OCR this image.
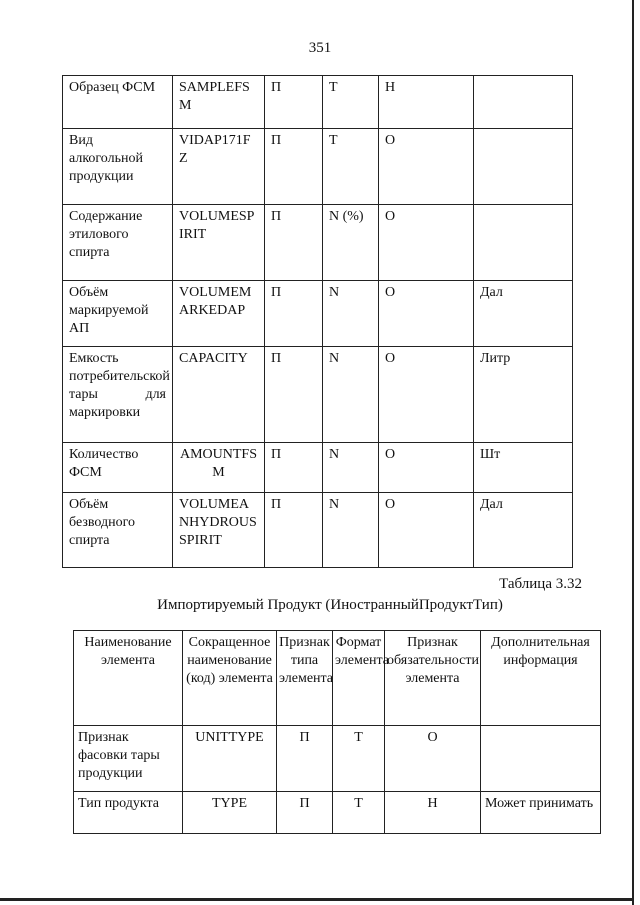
351
Образец ФСМ	SAMPLEFSM	П	Т	Н	
Вид алкогольной продукции	VIDAP171FZ	П	Т	О	
Содержание этилового спирта	VOLUMESPIRIT	П	N (%)	О	
Объём маркируемой АП	VOLUMEMARKEDAP	П	N	О	Дал
Емкость потребительской тары для маркировки	CAPACITY	П	N	О	Литр
Количество ФСМ	AMOUNTFSM	П	N	О	Шт
Объём безводного спирта	VOLUMEANHYDROUSSPIRIT	П	N	О	Дал
Таблица 3.32
Импортируемый Продукт (ИностранныйПродуктТип)
Наименование элемента	Сокращенное наименование (код) элемента	Признак типа элемента	Формат элемента	Признак обязательности элемента	Дополнительная информация
Признак фасовки тары продукции	UNITTYPE	П	Т	О	
Тип продукта	TYPE	П	Т	Н	Может принимать
